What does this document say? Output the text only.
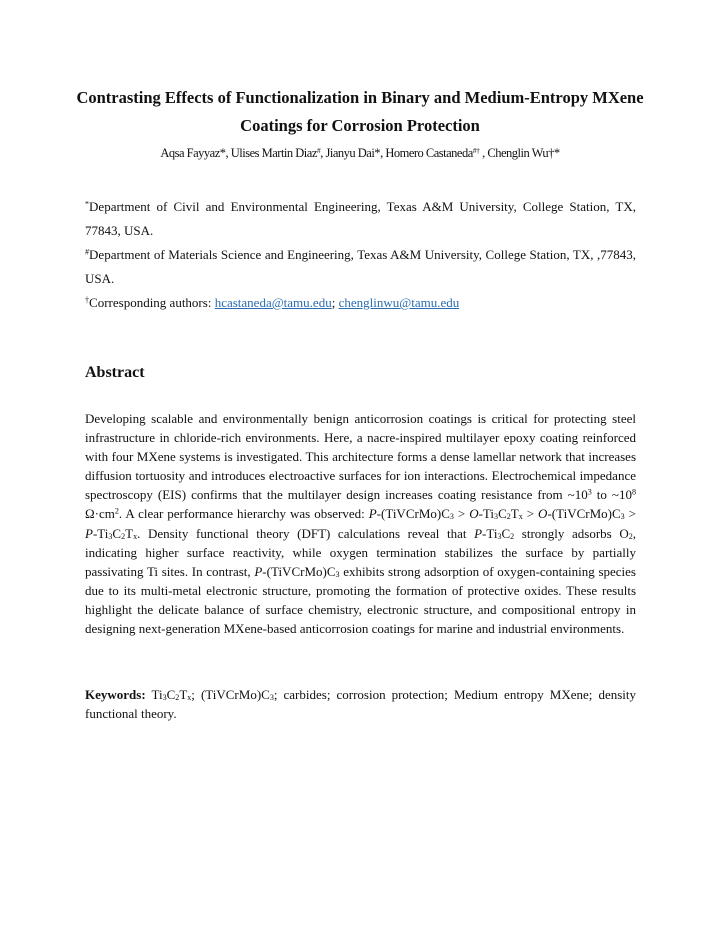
Contrasting Effects of Functionalization in Binary and Medium-Entropy MXene Coatings for Corrosion Protection

Aqsa Fayyaz*, Ulises Martin Diaz#, Jianyu Dai*, Homero Castaneda#† , Chenglin Wu†*

*Department of Civil and Environmental Engineering, Texas A&M University, College Station, TX, 77843, USA.

#Department of Materials Science and Engineering, Texas A&M University, College Station, TX, ,77843, USA.

†Corresponding authors: hcastaneda@tamu.edu; chenglinwu@tamu.edu

Abstract

Developing scalable and environmentally benign anticorrosion coatings is critical for protecting steel infrastructure in chloride-rich environments. Here, a nacre-inspired multilayer epoxy coating reinforced with four MXene systems is investigated. This architecture forms a dense lamellar network that increases diffusion tortuosity and introduces electroactive surfaces for ion interactions. Electrochemical impedance spectroscopy (EIS) confirms that the multilayer design increases coating resistance from $\sim 10^3$ to $\sim 10^8$ $\Omega\cdot cm^2$. A clear performance hierarchy was observed: $P-(TiVCrMo)C_3 > O-Ti_3C_2T_x$ > $O-(TiVCrMo)C_3 > P-Ti_3C_2T_x$. Density functional theory (DFT) calculations reveal that $P-Ti_3C_2$ strongly adsorbs $O_2$, indicating higher surface reactivity, while oxygen termination stabilizes the surface by partially passivating Ti sites. In contrast, $P-(TiVCrMo)C_3$ exhibits strong adsorption of oxygen-containing species due to its multi-metal electronic structure, promoting the formation of protective oxides. These results highlight the delicate balance of surface chemistry, electronic structure, and compositional entropy in designing next-generation MXene-based anticorrosion coatings for marine and industrial environments.

Keywords: $Ti_3C_2T_x$; $(TiVCrMo)C_3$; carbides; corrosion protection; Medium entropy MXene; density functional theory.
